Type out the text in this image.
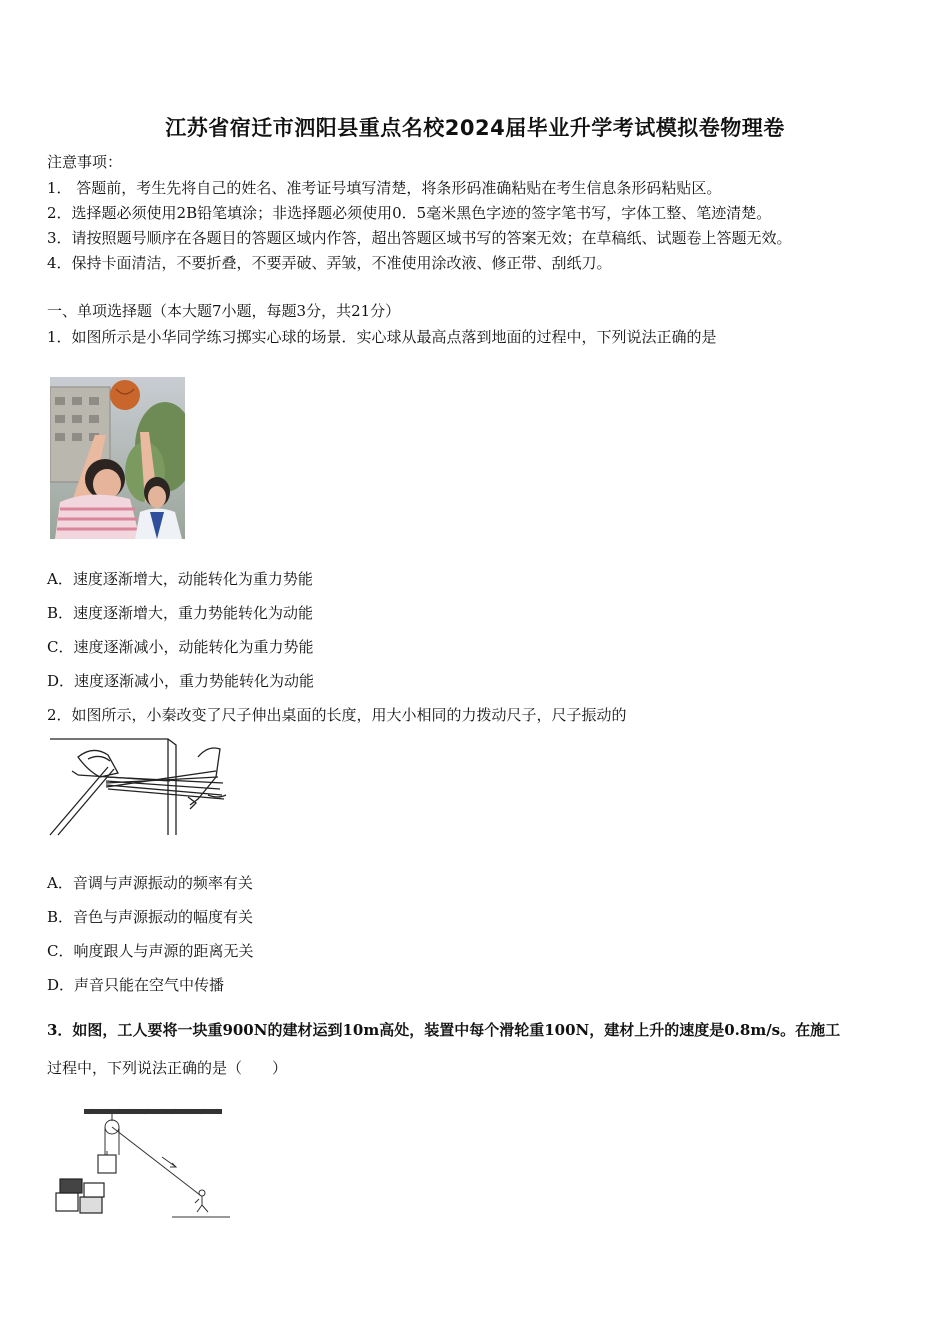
江苏省宿迁市泗阳县重点名校2024届毕业升学考试模拟卷物理卷
注意事项：
1． 答题前，考生先将自己的姓名、准考证号填写清楚，将条形码准确粘贴在考生信息条形码粘贴区。
2．选择题必须使用2B铅笔填涂；非选择题必须使用0．5毫米黑色字迹的签字笔书写，字体工整、笔迹清楚。
3．请按照题号顺序在各题目的答题区域内作答，超出答题区域书写的答案无效；在草稿纸、试题卷上答题无效。
4．保持卡面清洁，不要折叠，不要弄破、弄皱，不准使用涂改液、修正带、刮纸刀。
一、单项选择题（本大题7小题，每题3分，共21分）
1．如图所示是小华同学练习掷实心球的场景．实心球从最高点落到地面的过程中，下列说法正确的是
A．速度逐渐增大，动能转化为重力势能
B．速度逐渐增大，重力势能转化为动能
C．速度逐渐减小，动能转化为重力势能
D．速度逐渐减小，重力势能转化为动能
2．如图所示，小秦改变了尺子伸出桌面的长度，用大小相同的力拨动尺子，尺子振动的
A．音调与声源振动的频率有关
B．音色与声源振动的幅度有关
C．响度跟人与声源的距离无关
D．声音只能在空气中传播
3．如图，工人要将一块重900N的建材运到10m高处，装置中每个滑轮重100N，建材上升的速度是0.8m/s。在施工
过程中，下列说法正确的是（　　）
